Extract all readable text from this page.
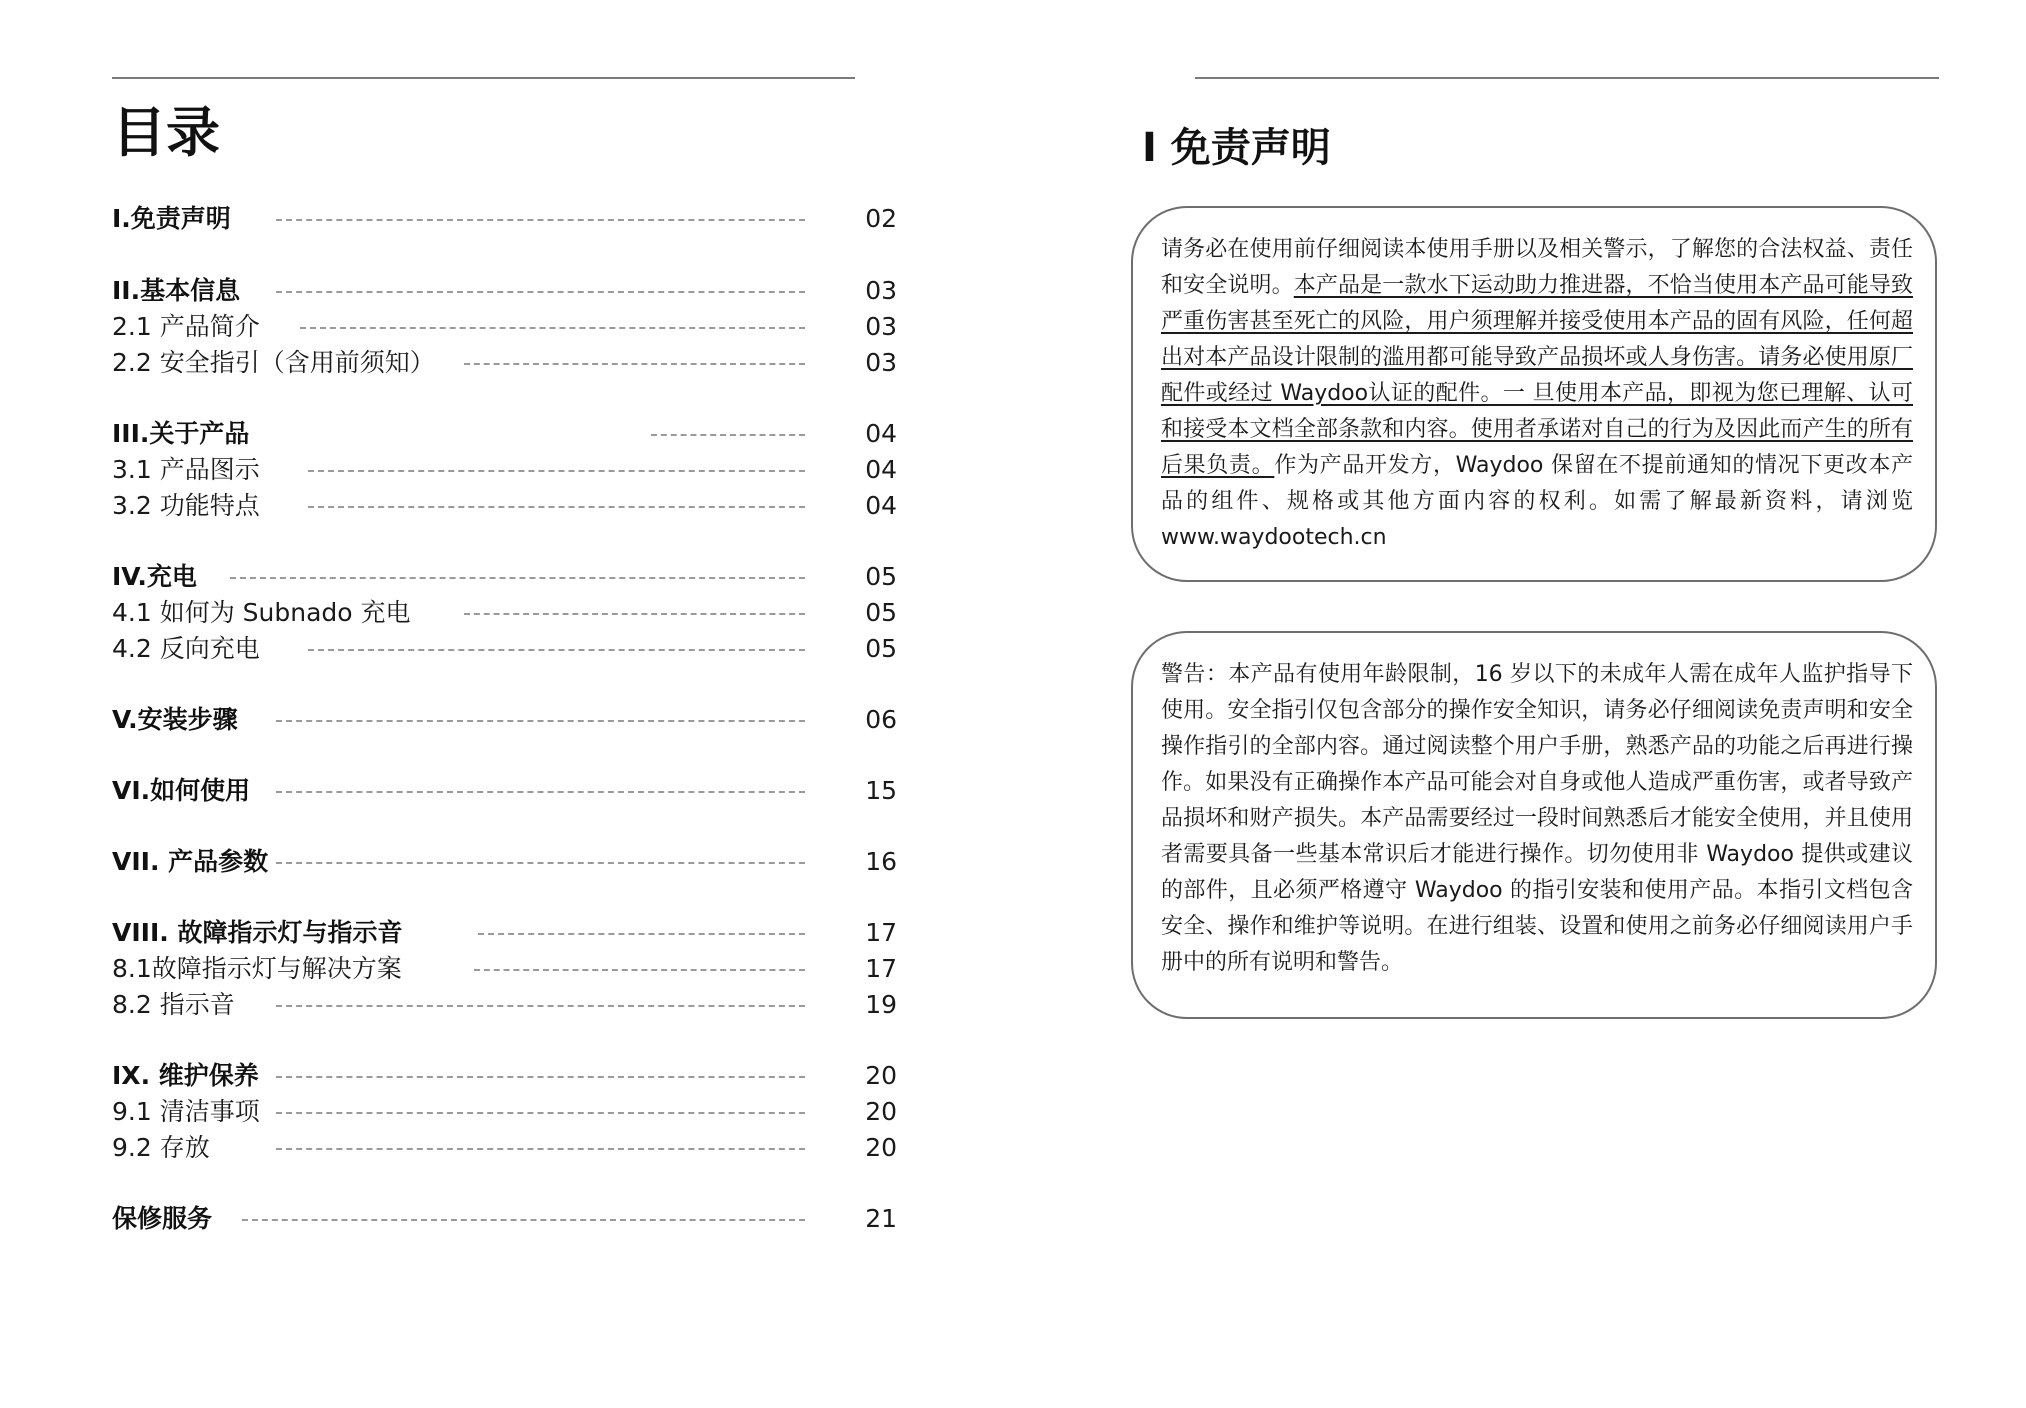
目录
I.免责声明	02
II.基本信息	03
2.1 产品简介	03
2.2 安全指引（含用前须知）	03
III.关于产品	04
3.1 产品图示	04
3.2 功能特点	04
IV.充电	05
4.1 如何为 Subnado 充电	05
4.2 反向充电	05
V.安装步骤	06
VI.如何使用	15
VII. 产品参数	16
VIII. 故障指示灯与指示音	17
8.1故障指示灯与解决方案	17
8.2 指示音	19
IX. 维护保养	20
9.1 清洁事项	20
9.2 存放	20
保修服务	21
I 免责声明

请务必在使用前仔细阅读本使用手册以及相关警示，了解您的合法权益、责任和安全说明。本产品是一款水下运动助力推进器，不恰当使用本产品可能导致严重伤害甚至死亡的风险，用户须理解并接受使用本产品的固有风险，任何超出对本产品设计限制的滥用都可能导致产品损坏或人身伤害。请务必使用原厂配件或经过 Waydoo认证的配件。一 旦使用本产品，即视为您已理解、认可和接受本文档全部条款和内容。使用者承诺对自己的行为及因此而产生的所有后果负责。作为产品开发方，Waydoo 保留在不提前通知的情况下更改本产品的组件、规格或其他方面内容的权利。如需了解最新资料，请浏览 www.waydootech.cn

警告：本产品有使用年龄限制，16 岁以下的未成年人需在成年人监护指导下使用。安全指引仅包含部分的操作安全知识，请务必仔细阅读免责声明和安全操作指引的全部内容。通过阅读整个用户手册，熟悉产品的功能之后再进行操作。如果没有正确操作本产品可能会对自身或他人造成严重伤害，或者导致产品损坏和财产损失。本产品需要经过一段时间熟悉后才能安全使用，并且使用者需要具备一些基本常识后才能进行操作。切勿使用非 Waydoo 提供或建议的部件，且必须严格遵守 Waydoo 的指引安装和使用产品。本指引文档包含安全、操作和维护等说明。在进行组装、设置和使用之前务必仔细阅读用户手册中的所有说明和警告。
